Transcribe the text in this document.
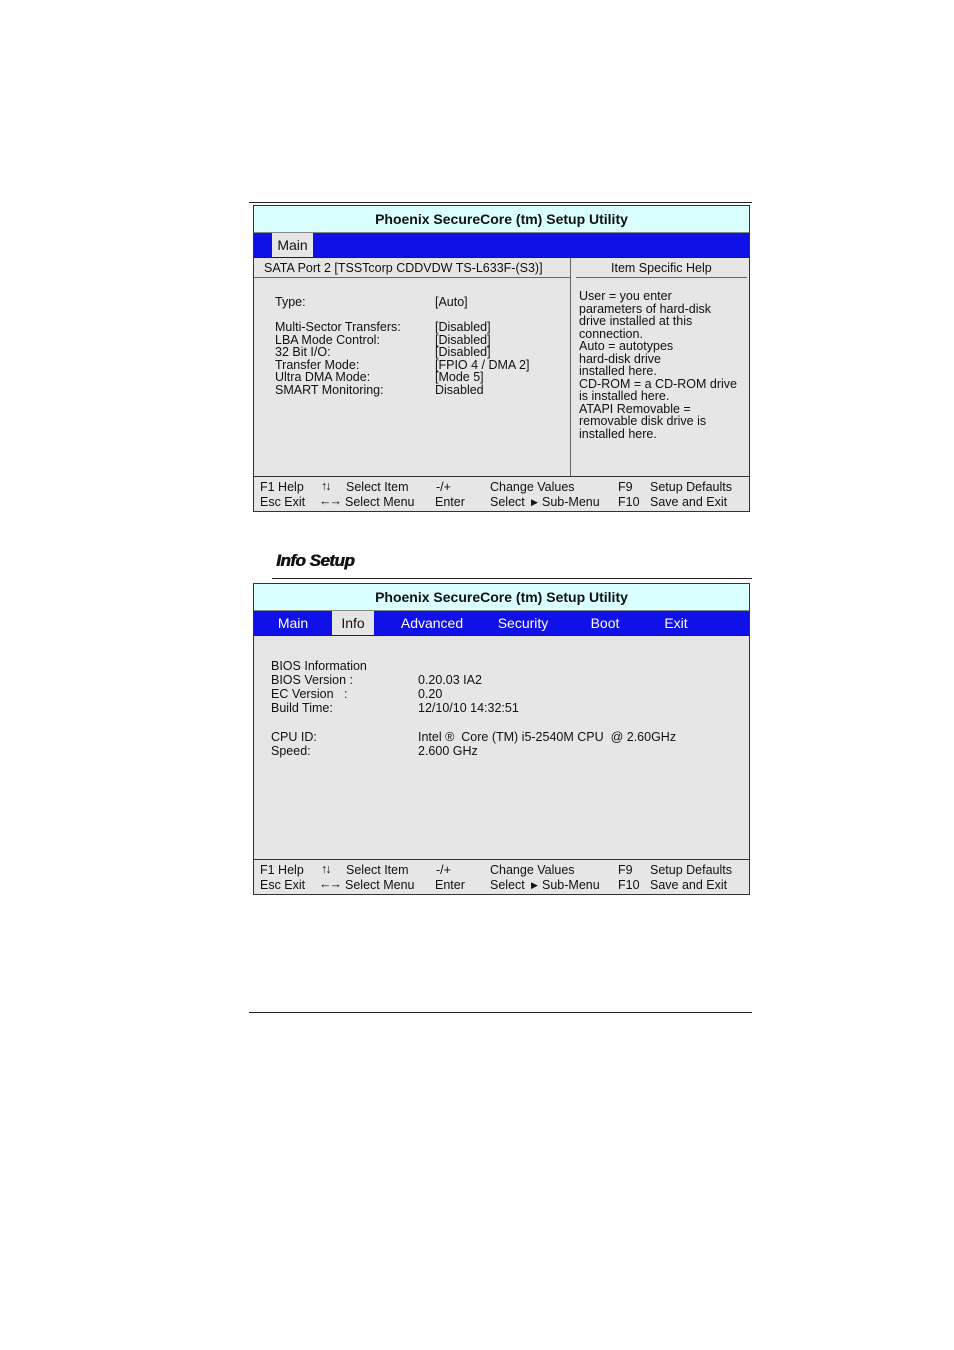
Phoenix SecureCore (tm) Setup Utility
Main
SATA Port 2 [TSSTcorp CDDVDW TS-L633F-(S3)]	Item Specific Help
Type:	[Auto]
Multi-Sector Transfers:	[Disabled]
LBA Mode Control:	[Disabled]
32 Bit I/O:	[Disabled]
Transfer Mode:	[FPIO 4 / DMA 2]
Ultra DMA Mode:	[Mode 5]
SMART Monitoring:	Disabled
User = you enter
parameters of hard-disk
drive installed at this
connection.
Auto = autotypes
hard-disk drive
installed here.
CD-ROM = a CD-ROM drive
is installed here.
ATAPI Removable =
removable disk drive is
installed here.
F1 Help ↑↓ Select Item -/+	Change Values	F9 Setup Defaults
Esc Exit ←→ Select Menu Enter Select ▶ Sub-Menu F10 Save and Exit
Info Setup
Phoenix SecureCore (tm) Setup Utility
Main	Info	Advanced	Security	Boot	Exit
BIOS Information
BIOS Version :	0.20.03 IA2
EC Version   :	0.20
Build Time:	12/10/10 14:32:51
CPU ID:	Intel ®  Core (TM) i5-2540M CPU  @ 2.60GHz
Speed:	2.600 GHz
F1 Help ↑↓ Select Item -/+	Change Values	F9 Setup Defaults
Esc Exit ←→ Select Menu Enter Select ▶ Sub-Menu F10 Save and Exit
